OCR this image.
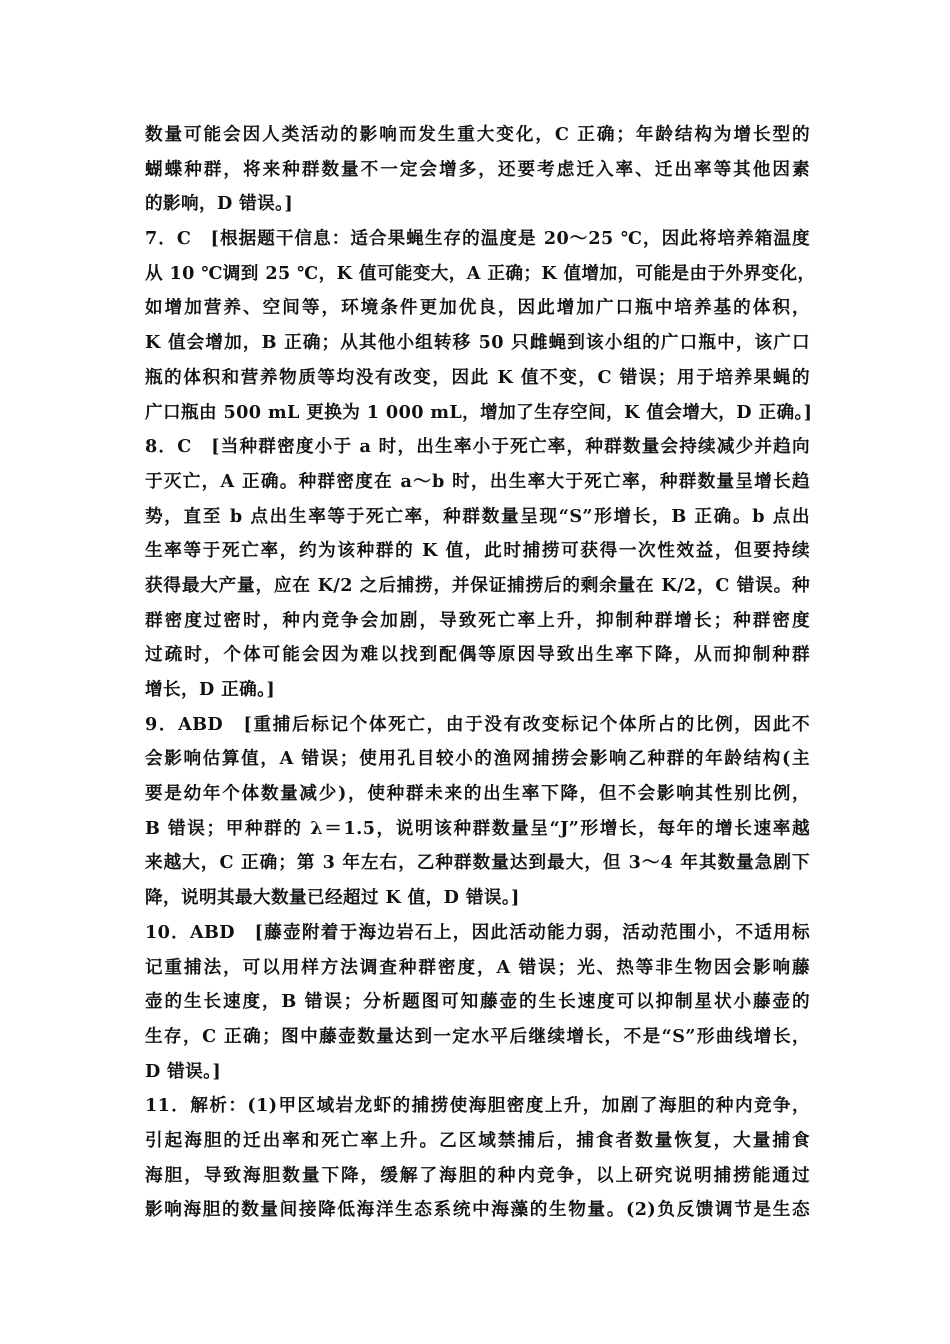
数量可能会因人类活动的影响而发生重大变化，C 正确；年龄结构为增长型的
蝴蝶种群，将来种群数量不一定会增多，还要考虑迁入率、迁出率等其他因素
的影响，D 错误。]
7．C　[根据题干信息：适合果蝇生存的温度是 20～25 ℃，因此将培养箱温度
从 10 ℃调到 25 ℃，K 值可能变大，A 正确；K 值增加，可能是由于外界变化，
如增加营养、空间等，环境条件更加优良，因此增加广口瓶中培养基的体积，
K 值会增加，B 正确；从其他小组转移 50 只雌蝇到该小组的广口瓶中，该广口
瓶的体积和营养物质等均没有改变，因此 K 值不变，C 错误；用于培养果蝇的
广口瓶由 500 mL 更换为 1 000 mL，增加了生存空间，K 值会增大，D 正确。]
8．C　[当种群密度小于 a 时，出生率小于死亡率，种群数量会持续减少并趋向
于灭亡，A 正确。种群密度在 a～b 时，出生率大于死亡率，种群数量呈增长趋
势，直至 b 点出生率等于死亡率，种群数量呈现“S”形增长，B 正确。b 点出
生率等于死亡率，约为该种群的 K 值，此时捕捞可获得一次性效益，但要持续
获得最大产量，应在 K/2 之后捕捞，并保证捕捞后的剩余量在 K/2，C 错误。种
群密度过密时，种内竞争会加剧，导致死亡率上升，抑制种群增长；种群密度
过疏时，个体可能会因为难以找到配偶等原因导致出生率下降，从而抑制种群
增长，D 正确。]
9．ABD　[重捕后标记个体死亡，由于没有改变标记个体所占的比例，因此不
会影响估算值，A 错误；使用孔目较小的渔网捕捞会影响乙种群的年龄结构(主
要是幼年个体数量减少)，使种群未来的出生率下降，但不会影响其性别比例，
B 错误；甲种群的 λ＝1.5，说明该种群数量呈“J”形增长，每年的增长速率越
来越大，C 正确；第 3 年左右，乙种群数量达到最大，但 3～4 年其数量急剧下
降，说明其最大数量已经超过 K 值，D 错误。]
10．ABD　[藤壶附着于海边岩石上，因此活动能力弱，活动范围小，不适用标
记重捕法，可以用样方法调查种群密度，A 错误；光、热等非生物因会影响藤
壶的生长速度，B 错误；分析题图可知藤壶的生长速度可以抑制星状小藤壶的
生存，C 正确；图中藤壶数量达到一定水平后继续增长，不是“S”形曲线增长，
D 错误。]
11．解析：(1)甲区域岩龙虾的捕捞使海胆密度上升，加剧了海胆的种内竞争，
引起海胆的迁出率和死亡率上升。乙区域禁捕后，捕食者数量恢复，大量捕食
海胆，导致海胆数量下降，缓解了海胆的种内竞争，以上研究说明捕捞能通过
影响海胆的数量间接降低海洋生态系统中海藻的生物量。(2)负反馈调节是生态
